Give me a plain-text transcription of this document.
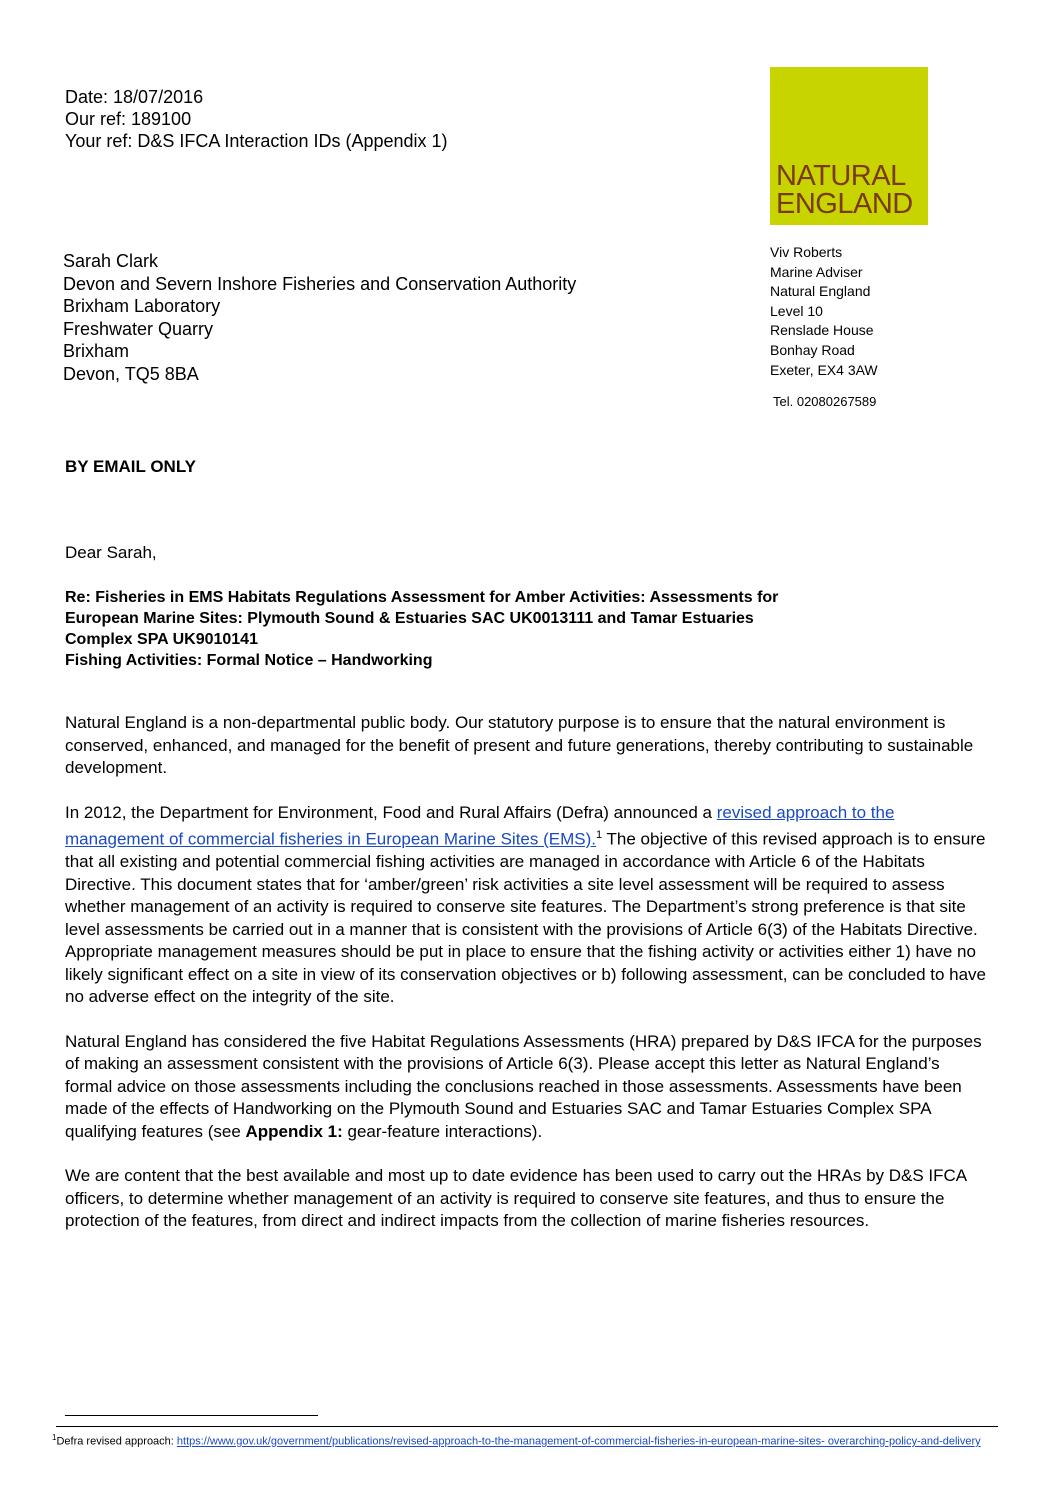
Date: 18/07/2016
Our ref: 189100
Your ref: D&S IFCA Interaction IDs (Appendix 1)
NATURAL
ENGLAND
Sarah Clark
Devon and Severn Inshore Fisheries and Conservation Authority
Brixham Laboratory
Freshwater Quarry
Brixham
Devon, TQ5 8BA
Viv Roberts
Marine Adviser
Natural England
Level 10
Renslade House
Bonhay Road
Exeter, EX4 3AW
Tel. 02080267589
BY EMAIL ONLY
Dear Sarah,
Re: Fisheries in EMS Habitats Regulations Assessment for Amber Activities: Assessments for
European Marine Sites: Plymouth Sound & Estuaries SAC UK0013111 and Tamar Estuaries
Complex SPA UK9010141
Fishing Activities: Formal Notice – Handworking

Natural England is a non-departmental public body. Our statutory purpose is to ensure that the natural environment is conserved, enhanced, and managed for the benefit of present and future generations, thereby contributing to sustainable development.

In 2012, the Department for Environment, Food and Rural Affairs (Defra) announced a revised approach to the management of commercial fisheries in European Marine Sites (EMS).$^1$ The objective of this revised approach is to ensure that all existing and potential commercial fishing activities are managed in accordance with Article 6 of the Habitats Directive. This document states that for ‘amber/green’ risk activities a site level assessment will be required to assess whether management of an activity is required to conserve site features. The Department’s strong preference is that site level assessments be carried out in a manner that is consistent with the provisions of Article 6(3) of the Habitats Directive. Appropriate management measures should be put in place to ensure that the fishing activity or activities either 1) have no likely significant effect on a site in view of its conservation objectives or b) following assessment, can be concluded to have no adverse effect on the integrity of the site.

Natural England has considered the five Habitat Regulations Assessments (HRA) prepared by D&S IFCA for the purposes of making an assessment consistent with the provisions of Article 6(3). Please accept this letter as Natural England’s formal advice on those assessments including the conclusions reached in those assessments. Assessments have been made of the effects of Handworking on the Plymouth Sound and Estuaries SAC and Tamar Estuaries Complex SPA qualifying features (see Appendix 1: gear-feature interactions).

We are content that the best available and most up to date evidence has been used to carry out the HRAs by D&S IFCA officers, to determine whether management of an activity is required to conserve site features, and thus to ensure the protection of the features, from direct and indirect impacts from the collection of marine fisheries resources.

$^1$Defra revised approach: https://www.gov.uk/government/publications/revised-approach-to-the-management-of-commercial-fisheries-in-european-marine-sites- overarching-policy-and-delivery
